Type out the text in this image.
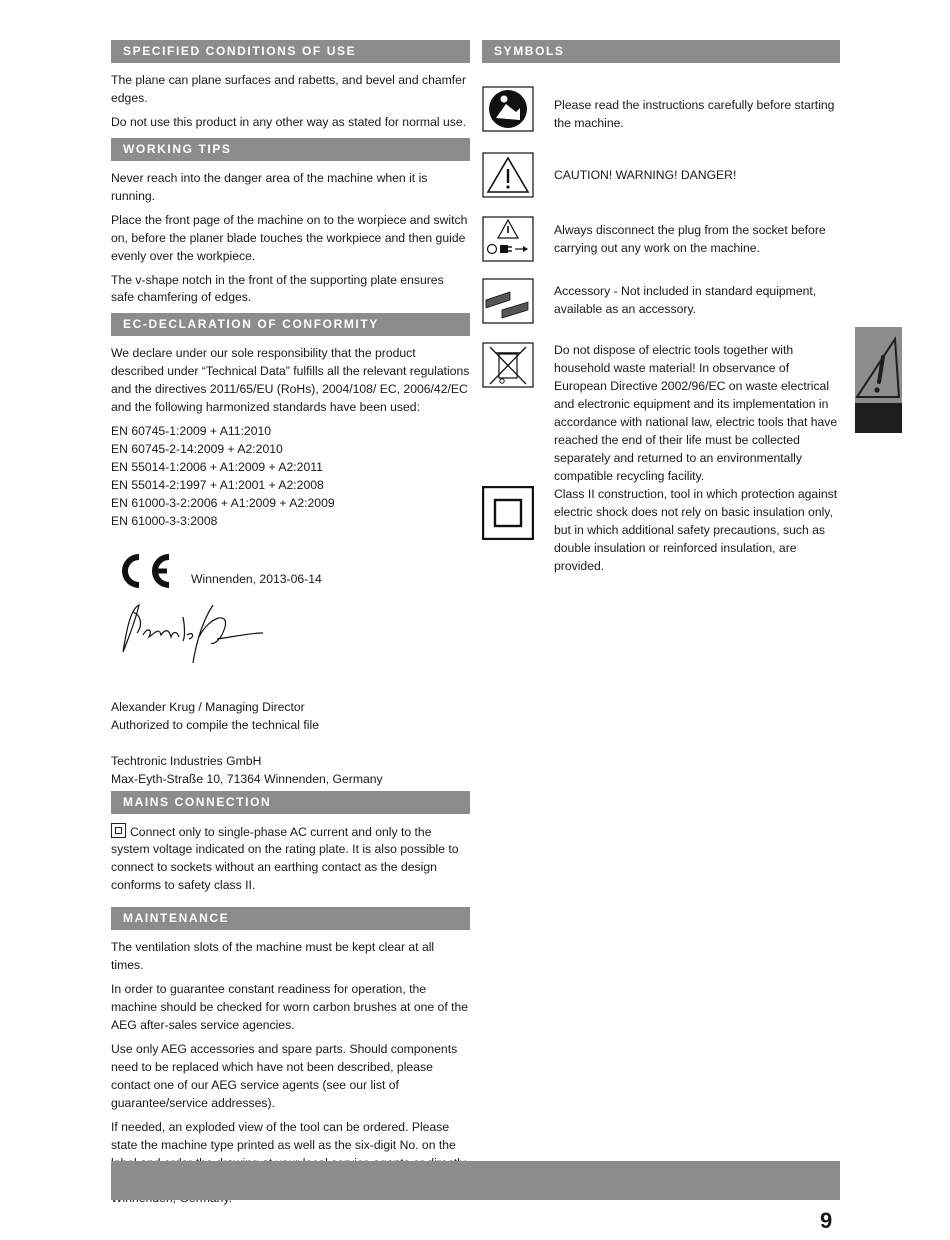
SPECIFIED CONDITIONS OF USE

The plane can plane surfaces and rabetts, and bevel and chamfer edges.

Do not use this product in any other way as stated for normal use.

WORKING TIPS

Never reach into the danger area of the machine when it is running.

Place the front page of the machine on to the worpiece and switch on, before the planer blade touches the workpiece and then guide evenly over the workpiece.

The v-shape notch in the front of the supporting plate ensures safe chamfering of edges.

EC-DECLARATION OF CONFORMITY

We declare under our sole responsibility that the product described under “Technical Data” fulfills all the relevant regulations and the directives 2011/65/EU (RoHs), 2004/108/ EC, 2006/42/EC and the following harmonized standards have been used:

EN 60745-1:2009 + A11:2010

EN 60745-2-14:2009 + A2:2010

EN 55014-1:2006 + A1:2009 + A2:2011

EN 55014-2:1997 + A1:2001 + A2:2008

EN 61000-3-2:2006 + A1:2009 + A2:2009

EN 61000-3-3:2008

Winnenden, 2013-06-14

Alexander Krug / Managing Director

Authorized to compile the technical file

Techtronic Industries GmbH

Max-Eyth-Straße 10, 71364 Winnenden, Germany

MAINS CONNECTION

Connect only to single-phase AC current and only to the system voltage indicated on the rating plate. It is also possible to connect to sockets without an earthing contact as the design conforms to safety class II.

MAINTENANCE

The ventilation slots of the machine must be kept clear at all times.

In order to guarantee constant readiness for operation, the machine should be checked for worn carbon brushes at one of the AEG after-sales service agencies.

Use only AEG accessories and spare parts. Should components need to be replaced which have not been described, please contact one of our AEG service agents (see our list of guarantee/service addresses).

If needed, an exploded view of the tool can be ordered. Please state the machine type printed as well as the six-digit No. on the

SYMBOLS
Please read the instructions carefully before starting the machine.
CAUTION! WARNING! DANGER!
Always disconnect the plug from the socket before carrying out any work on the machine.
Accessory - Not included in standard equipment, available as an accessory.
Do not dispose of electric tools together with household waste material! In observance of European Directive 2002/96/EC on waste electrical and electronic equipment and its implementation in accordance with national law, electric tools that have reached the end of their life must be collected separately and returned to an environmentally compatible recycling facility.
Class II construction, tool in which protection against electric shock does not rely on basic insulation only, but in which additional safety precautions, such as double insulation or reinforced insulation, are provided.
9
